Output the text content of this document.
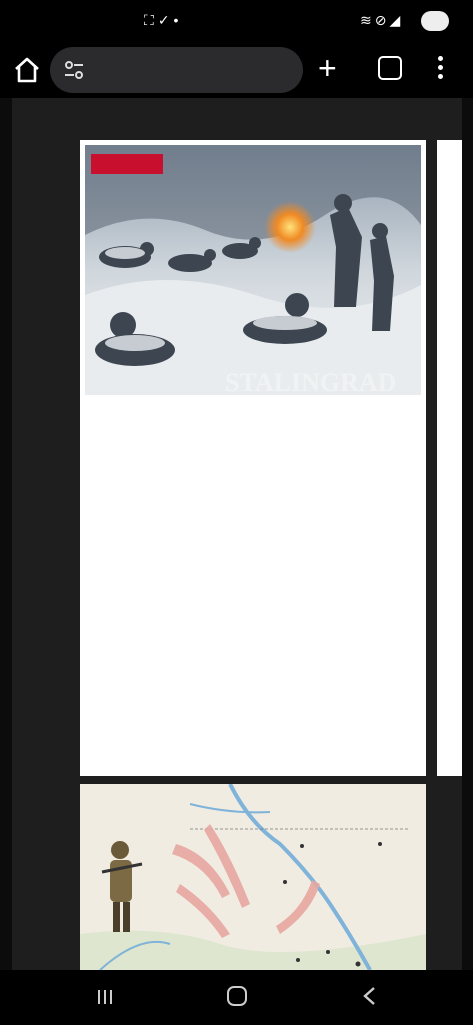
⛶✓•	≋⊘◢
+
STALINGRAD
